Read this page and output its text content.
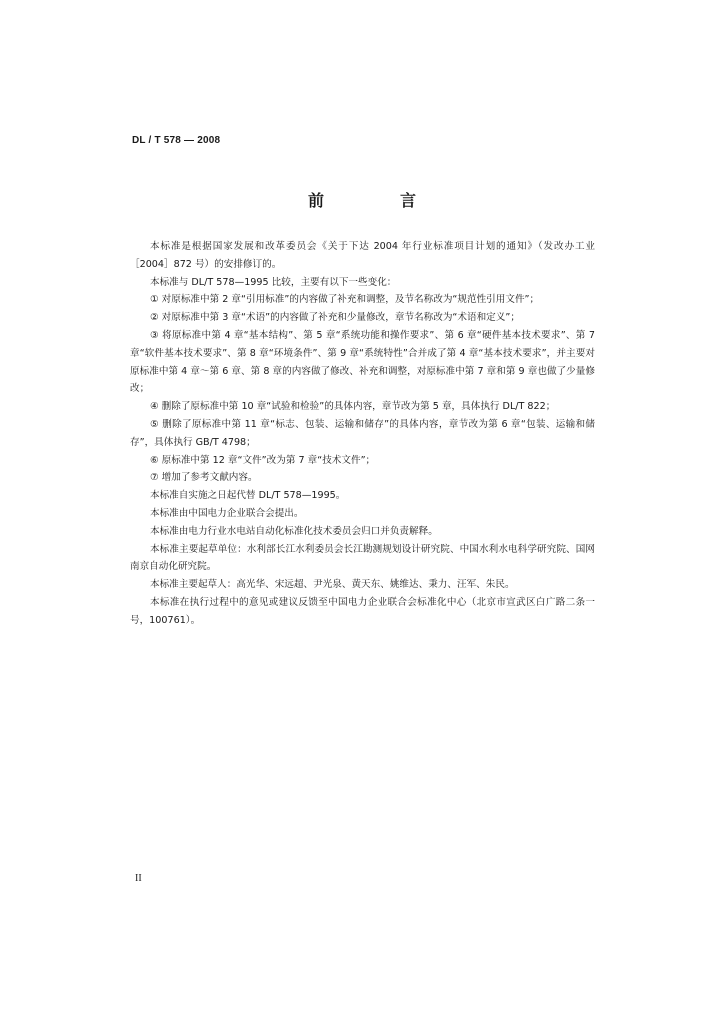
DL / T 578 — 2008
前　言

本标准是根据国家发展和改革委员会《关于下达 2004 年行业标准项目计划的通知》（发改办工业［2004］872 号）的安排修订的。

本标准与 DL/T 578—1995 比较，主要有以下一些变化：

① 对原标准中第 2 章“引用标准”的内容做了补充和调整，及节名称改为“规范性引用文件”；

② 对原标准中第 3 章“术语”的内容做了补充和少量修改，章节名称改为“术语和定义”；

③ 将原标准中第 4 章“基本结构”、第 5 章“系统功能和操作要求”、第 6 章“硬件基本技术要求”、第 7 章“软件基本技术要求”、第 8 章“环境条件”、第 9 章“系统特性”合并成了第 4 章“基本技术要求”，并主要对原标准中第 4 章～第 6 章、第 8 章的内容做了修改、补充和调整，对原标准中第 7 章和第 9 章也做了少量修改；

④ 删除了原标准中第 10 章“试验和检验”的具体内容，章节改为第 5 章，具体执行 DL/T 822；

⑤ 删除了原标准中第 11 章“标志、包装、运输和储存”的具体内容，章节改为第 6 章“包装、运输和储存”，具体执行 GB/T 4798；

⑥ 原标准中第 12 章“文件”改为第 7 章“技术文件”；

⑦ 增加了参考文献内容。

本标准自实施之日起代替 DL/T 578—1995。

本标准由中国电力企业联合会提出。

本标准由电力行业水电站自动化标准化技术委员会归口并负责解释。

本标准主要起草单位：水利部长江水利委员会长江勘测规划设计研究院、中国水利水电科学研究院、国网南京自动化研究院。

本标准主要起草人：高光华、宋远超、尹光泉、黄天东、姚维达、秉力、汪军、朱民。

本标准在执行过程中的意见或建议反馈至中国电力企业联合会标准化中心（北京市宣武区白广路二条一号，100761）。

II
